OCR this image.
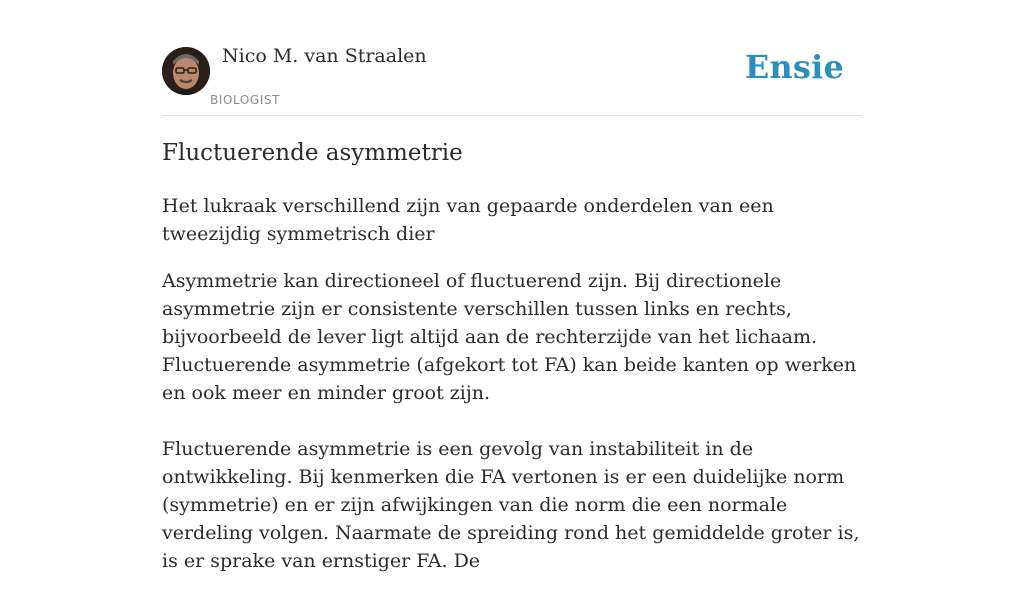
Nico M. van Straalen
BIOLOGIST
Ensie
Fluctuerende asymmetrie

Het lukraak verschillend zijn van gepaarde onderdelen van een tweezijdig symmetrisch dier

Asymmetrie kan directioneel of fluctuerend zijn. Bij directionele asymmetrie zijn er consistente verschillen tussen links en rechts, bijvoorbeeld de lever ligt altijd aan de rechterzijde van het lichaam. Fluctuerende asymmetrie (afgekort tot FA) kan beide kanten op werken en ook meer en minder groot zijn.

Fluctuerende asymmetrie is een gevolg van instabiliteit in de ontwikkeling. Bij kenmerken die FA vertonen is er een duidelijke norm (symmetrie) en er zijn afwijkingen van die norm die een normale verdeling volgen. Naarmate de spreiding rond het gemiddelde groter is, is er sprake van ernstiger FA. De
